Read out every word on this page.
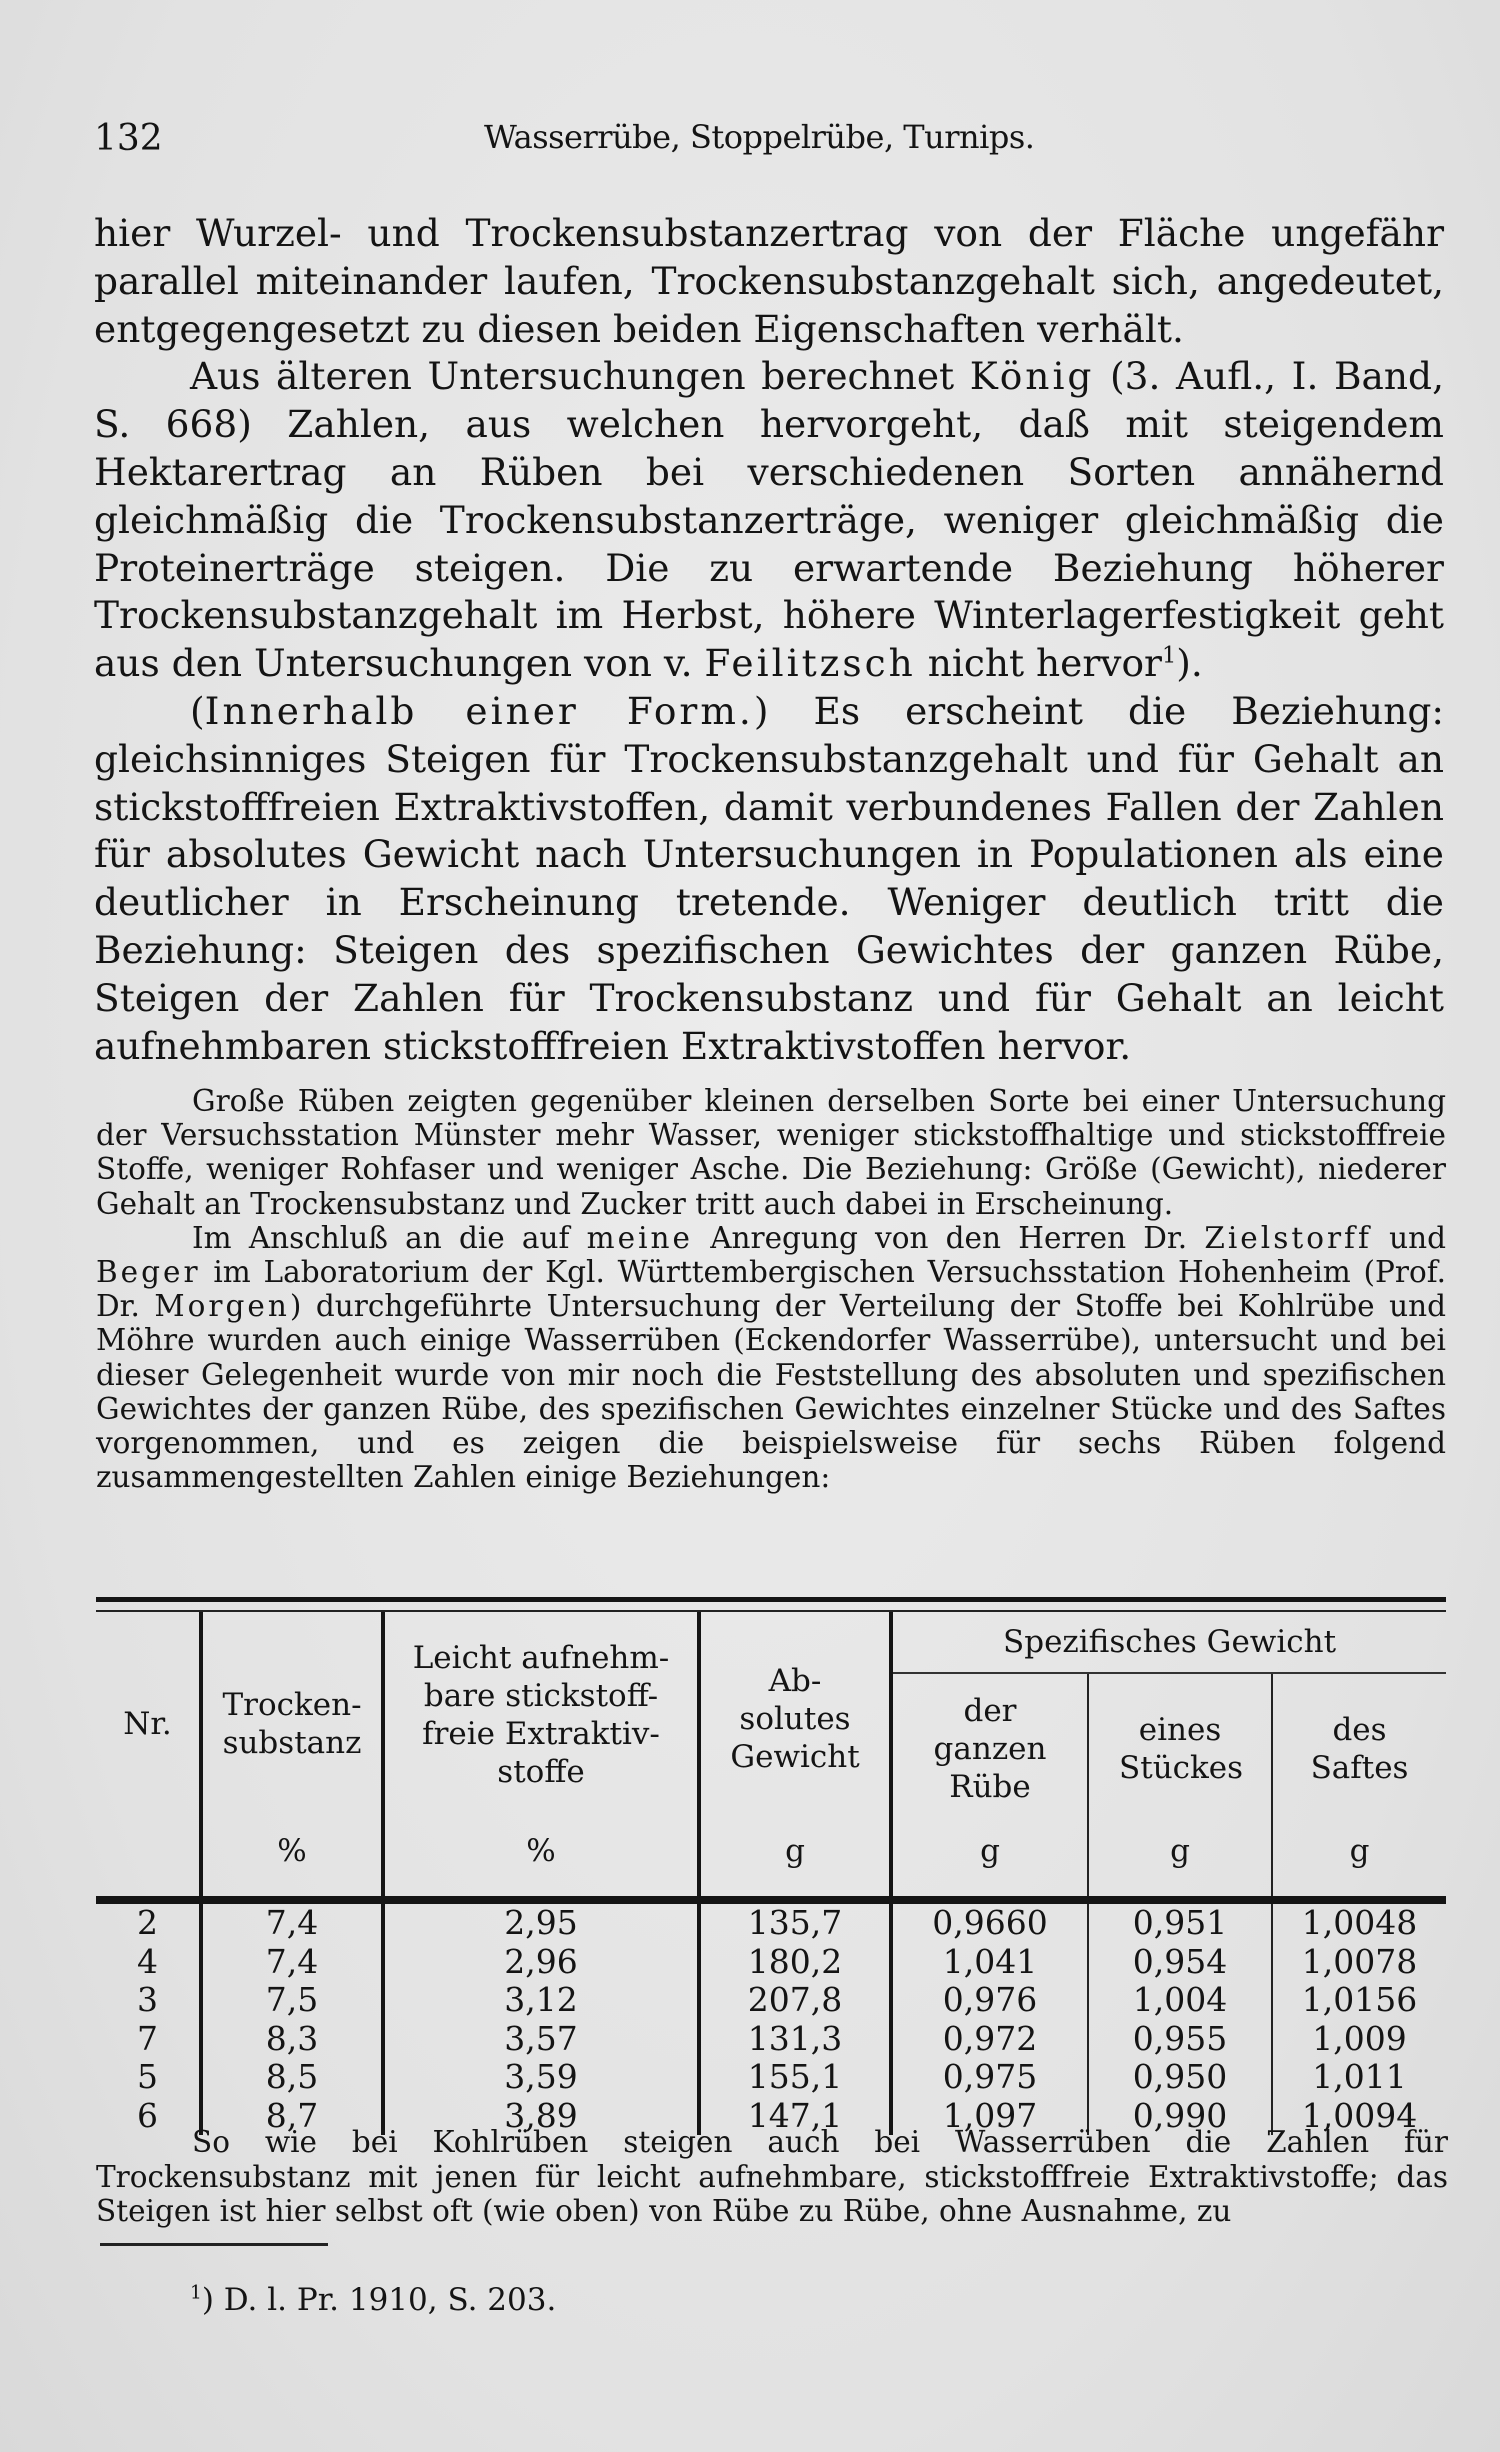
132	Wasserrübe, Stoppelrübe, Turnips.

hier Wurzel- und Trockensubstanzertrag von der Fläche ungefähr parallel miteinander laufen, Trockensubstanzgehalt sich, angedeutet, entgegengesetzt zu diesen beiden Eigenschaften verhält.

Aus älteren Untersuchungen berechnet König (3. Aufl., I. Band, S. 668) Zahlen, aus welchen hervorgeht, daß mit steigendem Hektarertrag an Rüben bei verschiedenen Sorten annähernd gleichmäßig die Trockensubstanzerträge, weniger gleichmäßig die Proteinerträge steigen. Die zu erwartende Beziehung höherer Trockensubstanzgehalt im Herbst, höhere Winterlagerfestigkeit geht aus den Untersuchungen von v. Feilitzsch nicht hervor$^1$).

(Innerhalb einer Form.) Es erscheint die Beziehung: gleichsinniges Steigen für Trockensubstanzgehalt und für Gehalt an stickstofffreien Extraktivstoffen, damit verbundenes Fallen der Zahlen für absolutes Gewicht nach Untersuchungen in Populationen als eine deutlicher in Erscheinung tretende. Weniger deutlich tritt die Beziehung: Steigen des spezifischen Gewichtes der ganzen Rübe, Steigen der Zahlen für Trockensubstanz und für Gehalt an leicht aufnehmbaren stickstofffreien Extraktivstoffen hervor.

Große Rüben zeigten gegenüber kleinen derselben Sorte bei einer Untersuchung der Versuchsstation Münster mehr Wasser, weniger stickstoffhaltige und stickstofffreie Stoffe, weniger Rohfaser und weniger Asche. Die Beziehung: Größe (Gewicht), niederer Gehalt an Trockensubstanz und Zucker tritt auch dabei in Erscheinung.

Im Anschluß an die auf meine Anregung von den Herren Dr. Zielstorff und Beger im Laboratorium der Kgl. Württembergischen Versuchsstation Hohenheim (Prof. Dr. Morgen) durchgeführte Untersuchung der Verteilung der Stoffe bei Kohlrübe und Möhre wurden auch einige Wasserrüben (Eckendorfer Wasserrübe), untersucht und bei dieser Gelegenheit wurde von mir noch die Feststellung des absoluten und spezifischen Gewichtes der ganzen Rübe, des spezifischen Gewichtes einzelner Stücke und des Saftes vorgenommen, und es zeigen die beispielsweise für sechs Rüben folgend zusammengestellten Zahlen einige Beziehungen:

Nr.	Trocken-substanz	Leicht aufnehm-bare stickstoff-freie Extraktiv-stoffe	Ab-solutes Gewicht	Spezifisches Gewicht		
				der ganzen Rübe	eines Stückes	des Saftes
	%	%	g	g	g	g

2	7,4	2,95	135,7	0,9660	0,951	1,0048
4	7,4	2,96	180,2	1,041	0,954	1,0078
3	7,5	3,12	207,8	0,976	1,004	1,0156
7	8,3	3,57	131,3	0,972	0,955	1,009
5	8,5	3,59	155,1	0,975	0,950	1,011
6	8,7	3,89	147,1	1,097	0,990	1,0094

So wie bei Kohlrüben steigen auch bei Wasserrüben die Zahlen für Trockensubstanz mit jenen für leicht aufnehmbare, stickstofffreie Extraktivstoffe; das Steigen ist hier selbst oft (wie oben) von Rübe zu Rübe, ohne Ausnahme, zu

$^1$) D. l. Pr. 1910, S. 203.
